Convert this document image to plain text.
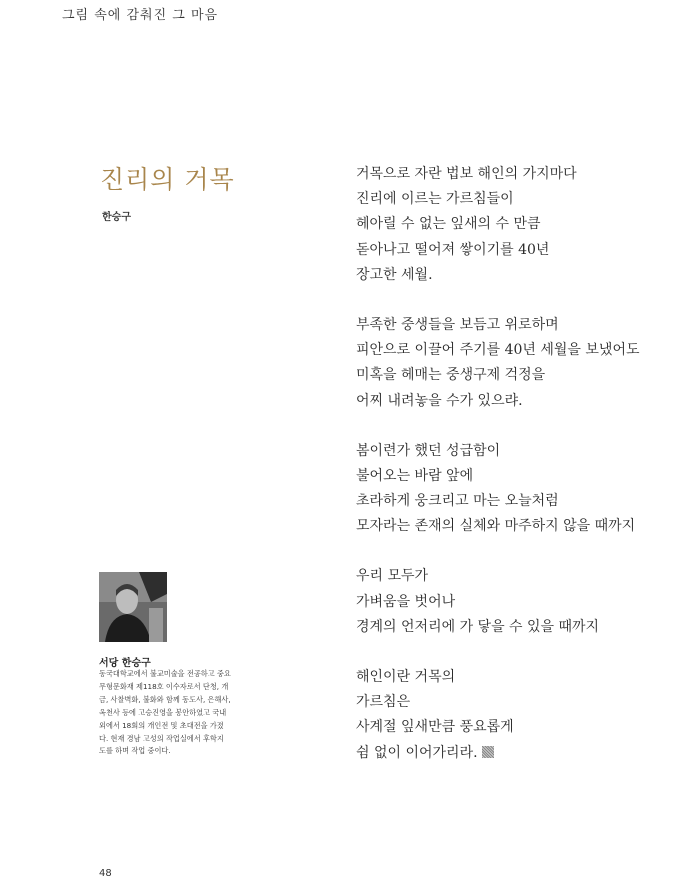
그림 속에 감춰진 그 마음
진리의 거목
한승구
거목으로 자란 법보 해인의 가지마다
진리에 이르는 가르침들이
헤아릴 수 없는 잎새의 수 만큼
돋아나고 떨어져 쌓이기를 40년
장고한 세월.
부족한 중생들을 보듬고 위로하며
피안으로 이끌어 주기를 40년 세월을 보냈어도
미혹을 헤매는 중생구제 걱정을
어찌 내려놓을 수가 있으랴.
봄이련가 했던 성급함이
불어오는 바람 앞에
초라하게 웅크리고 마는 오늘처럼
모자라는 존재의 실체와 마주하지 않을 때까지
우리 모두가
가벼움을 벗어나
경계의 언저리에 가 닿을 수 있을 때까지
해인이란 거목의
가르침은
사계절 잎새만큼 풍요롭게
쉼 없이 이어가리라.
서당 한승구
동국대학교에서 불교미술을 전공하고 중요
무형문화재 제118호 이수자로서 단청, 개
금, 사찰벽화, 불화와 함께 동도사, 은해사,
옥천사 등에 고승진영을 봉안하였고 국내
외에서 18회의 개인전 및 초대전을 가졌
다. 현재 경남 고성의 작업실에서 후학지
도를 하며 작업 중이다.
48
